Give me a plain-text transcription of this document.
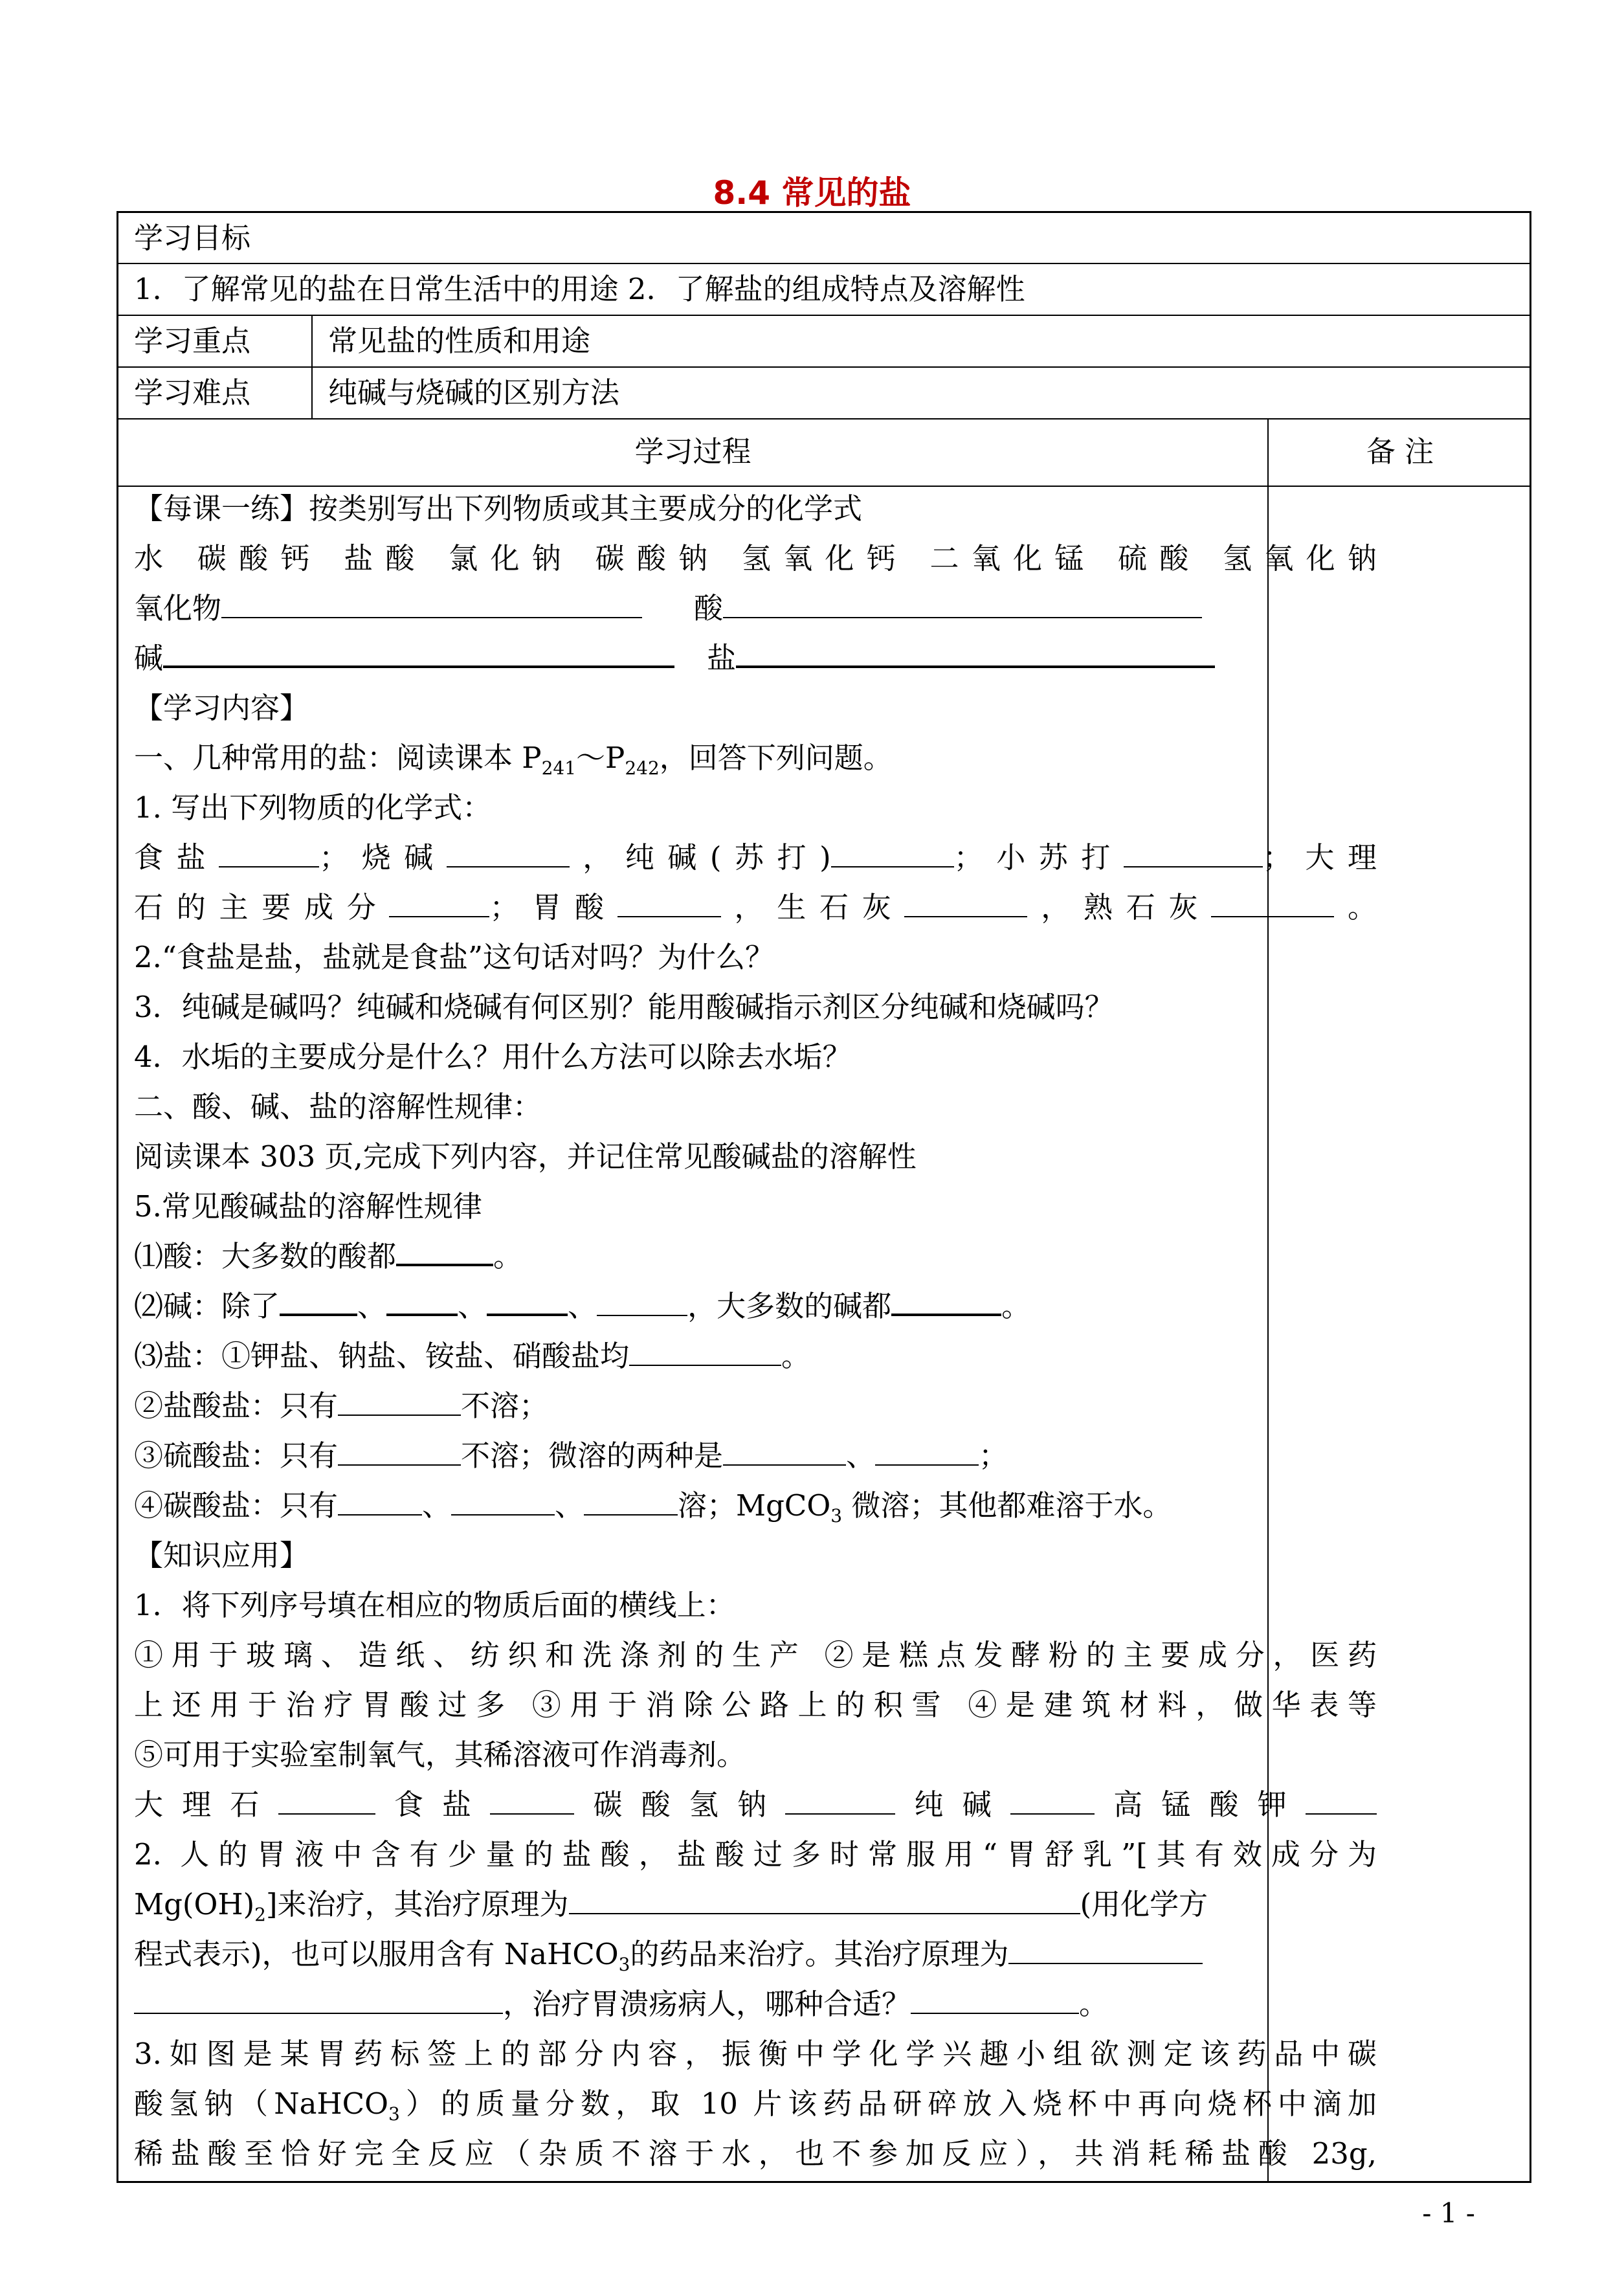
8.4 常见的盐
学习目标
1．了解常见的盐在日常生活中的用途 2．了解盐的组成特点及溶解性
学习重点	常见盐的性质和用途
学习难点	纯碱与烧碱的区别方法
学习过程	备 注
【每课一练】按类别写出下列物质或其主要成分的化学式
水 碳酸钙 盐酸 氯化钠 碳酸钠 氢氧化钙 二氧化锰 硫酸 氢氧化钠
氧化物	酸
碱	盐
【学习内容】
一、几种常用的盐：阅读课本 $P_{241}\sim P_{242}$，回答下列问题。
1. 写出下列物质的化学式：
食盐	；烧碱	，纯碱(苏打)	；小苏打	；大理
石的主要成分	；胃酸	，生石灰	，熟石灰	。
2.“食盐是盐，盐就是食盐”这句话对吗？为什么？
3．纯碱是碱吗？纯碱和烧碱有何区别？能用酸碱指示剂区分纯碱和烧碱吗？
4．水垢的主要成分是什么？用什么方法可以除去水垢？
二、酸、碱、盐的溶解性规律：
阅读课本 303 页,完成下列内容，并记住常见酸碱盐的溶解性
5.常见酸碱盐的溶解性规律
⑴酸：大多数的酸都	。
⑵碱：除了	、 、	、	，大多数的碱都	。
⑶盐：①钾盐、钠盐、铵盐、硝酸盐均	。
②盐酸盐：只有	不溶；
③硫酸盐：只有	不溶；微溶的两种是	、	；
④碳酸盐：只有	、	、	溶；MgCO$_3$ 微溶；其他都难溶于水。
【知识应用】
1．将下列序号填在相应的物质后面的横线上：
①用于玻璃、造纸、纺织和洗涤剂的生产 ②是糕点发酵粉的主要成分，医药
上还用于治疗胃酸过多 ③用于消除公路上的积雪 ④是建筑材料，做华表等
⑤可用于实验室制氧气，其稀溶液可作消毒剂。
大理石	食盐	碳酸氢钠	纯碱	高锰酸钾
2. 人的胃液中含有少量的盐酸，盐酸过多时常服用“胃舒乳”[其有效成分为
$Mg(OH)_2$]来治疗，其治疗原理为	(用化学方
程式表示)，也可以服用含有 NaHCO$_3$的药品来治疗。其治疗原理为
，治疗胃溃疡病人，哪种合适？	。
3.如图是某胃药标签上的部分内容，振衡中学化学兴趣小组欲测定该药品中碳
酸氢钠（NaHCO$_3$）的质量分数，取 10 片该药品研碎放入烧杯中再向烧杯中滴加
稀盐酸至恰好完全反应（杂质不溶于水，也不参加反应），共消耗稀盐酸 23g,
- 1 -
